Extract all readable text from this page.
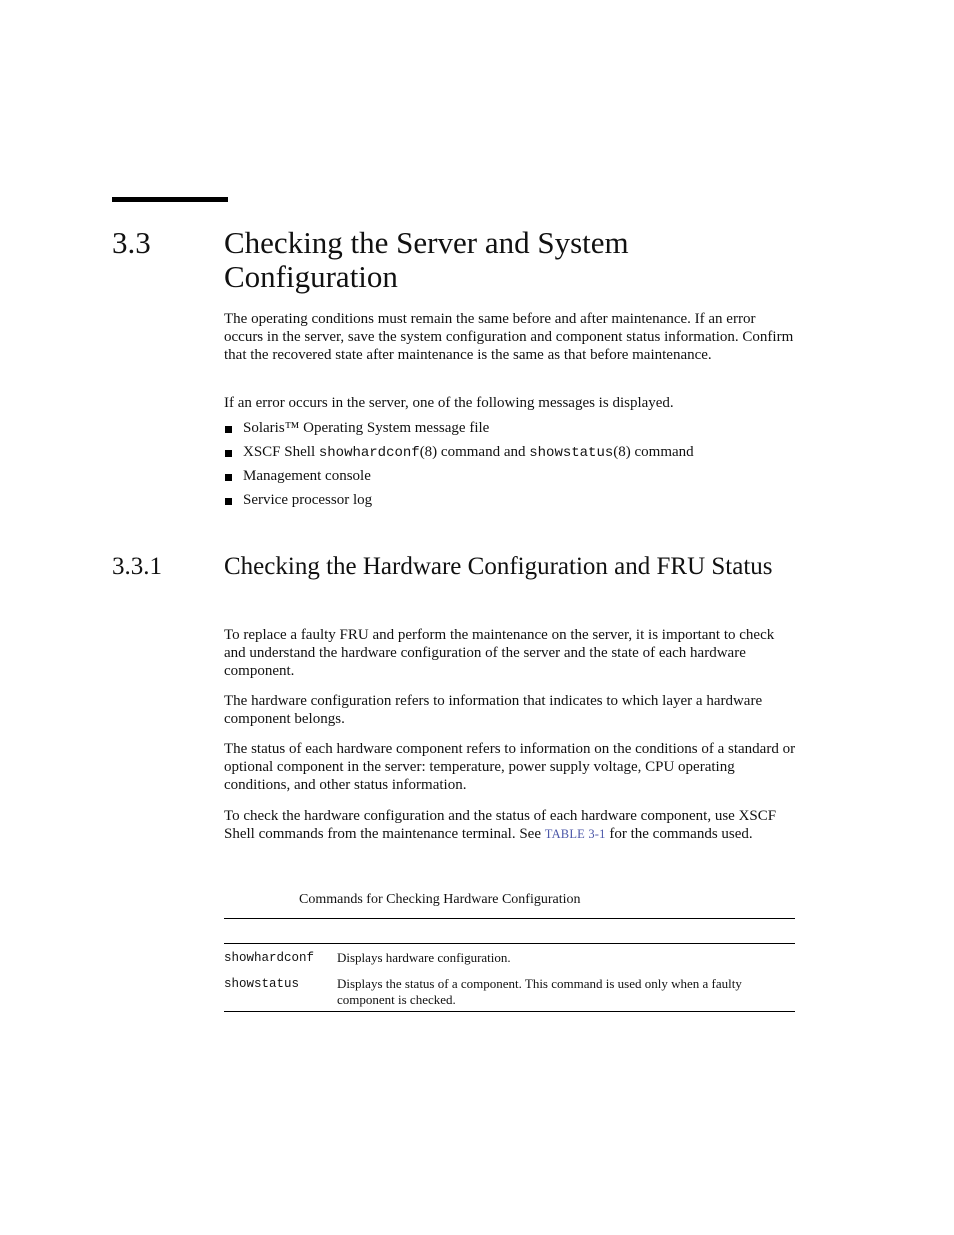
3.3 Checking the Server and System Configuration

The operating conditions must remain the same before and after maintenance. If an error occurs in the server, save the system configuration and component status information. Confirm that the recovered state after maintenance is the same as that before maintenance.

If an error occurs in the server, one of the following messages is displayed.

Solaris™ Operating System message file
XSCF Shell showhardconf(8) command and showstatus(8) command
Management console
Service processor log
3.3.1 Checking the Hardware Configuration and FRU Status

To replace a faulty FRU and perform the maintenance on the server, it is important to check and understand the hardware configuration of the server and the state of each hardware component.

The hardware configuration refers to information that indicates to which layer a hardware component belongs.

The status of each hardware component refers to information on the conditions of a standard or optional component in the server: temperature, power supply voltage, CPU operating conditions, and other status information.

To check the hardware configuration and the status of each hardware component, use XSCF Shell commands from the maintenance terminal. See TABLE 3-1 for the commands used.

Commands for Checking Hardware Configuration
showhardconf Displays hardware configuration.
showstatus	Displays the status of a component. This command is used only when a faulty component is checked.
